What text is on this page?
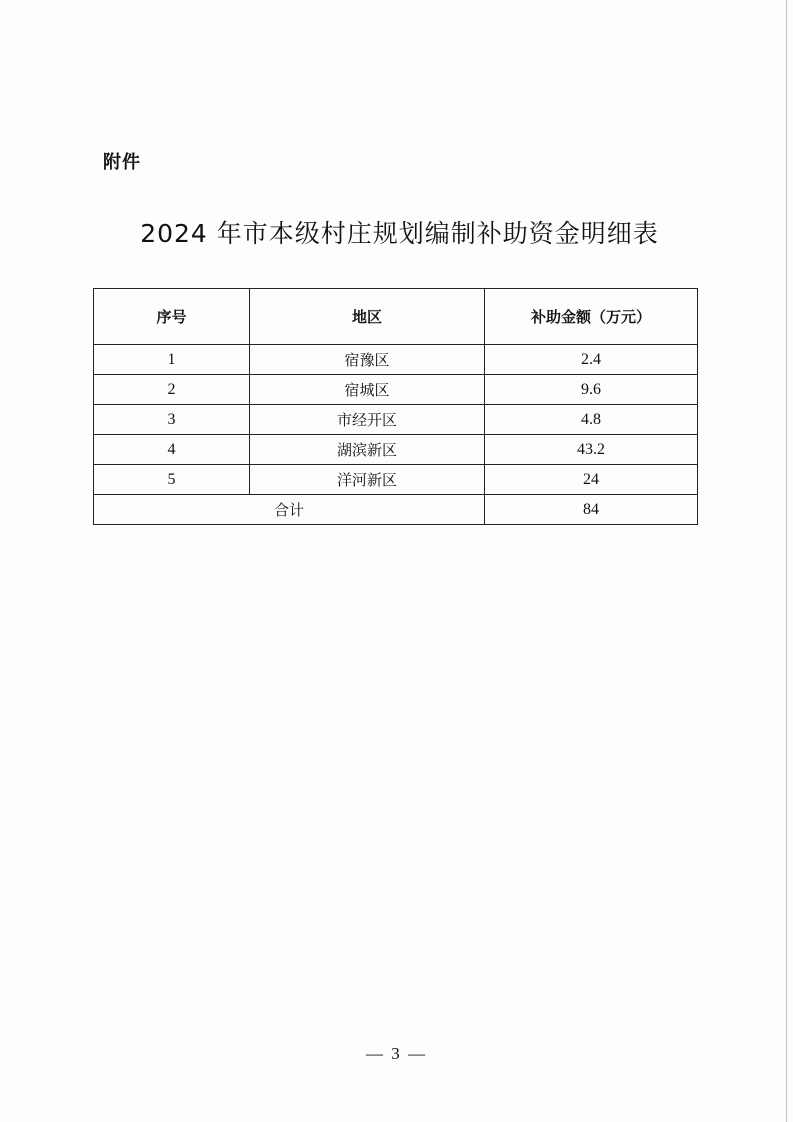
附件
2024 年市本级村庄规划编制补助资金明细表
序号	地区	补助金额（万元）
1	宿豫区	2.4
2	宿城区	9.6
3	市经开区	4.8
4	湖滨新区	43.2
5	洋河新区	24
合计		84
— 3 —
